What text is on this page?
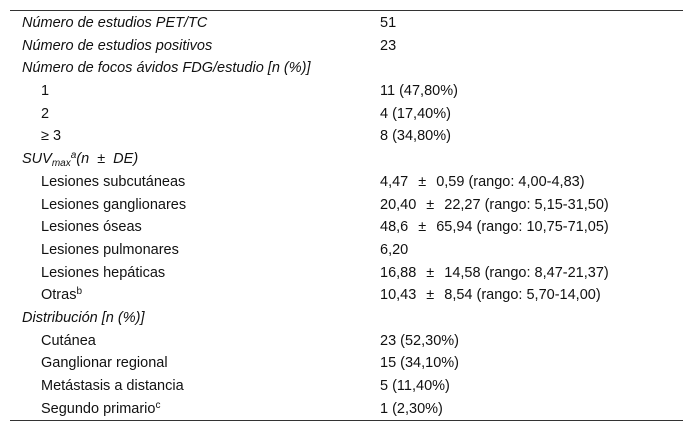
Número de estudios PET/TC	51
Número de estudios positivos	23
Número de focos ávidos FDG/estudio [n (%)]
1	11 (47,80%)
2	4 (17,40%)
≥ 3	8 (34,80%)
$SUV_{max}^a(n \pm DE)$
Lesiones subcutáneas	4,47 ± 0,59 (rango: 4,00-4,83)
Lesiones ganglionares	20,40 ± 22,27 (rango: 5,15-31,50)
Lesiones óseas	48,6 ± 65,94 (rango: 10,75-71,05)
Lesiones pulmonares	6,20
Lesiones hepáticas	16,88 ± 14,58 (rango: 8,47-21,37)
Otras$^b$	10,43 ± 8,54 (rango: 5,70-14,00)
Distribución [n (%)]
Cutánea	23 (52,30%)
Ganglionar regional	15 (34,10%)
Metástasis a distancia	5 (11,40%)
Segundo primario$^c$	1 (2,30%)
